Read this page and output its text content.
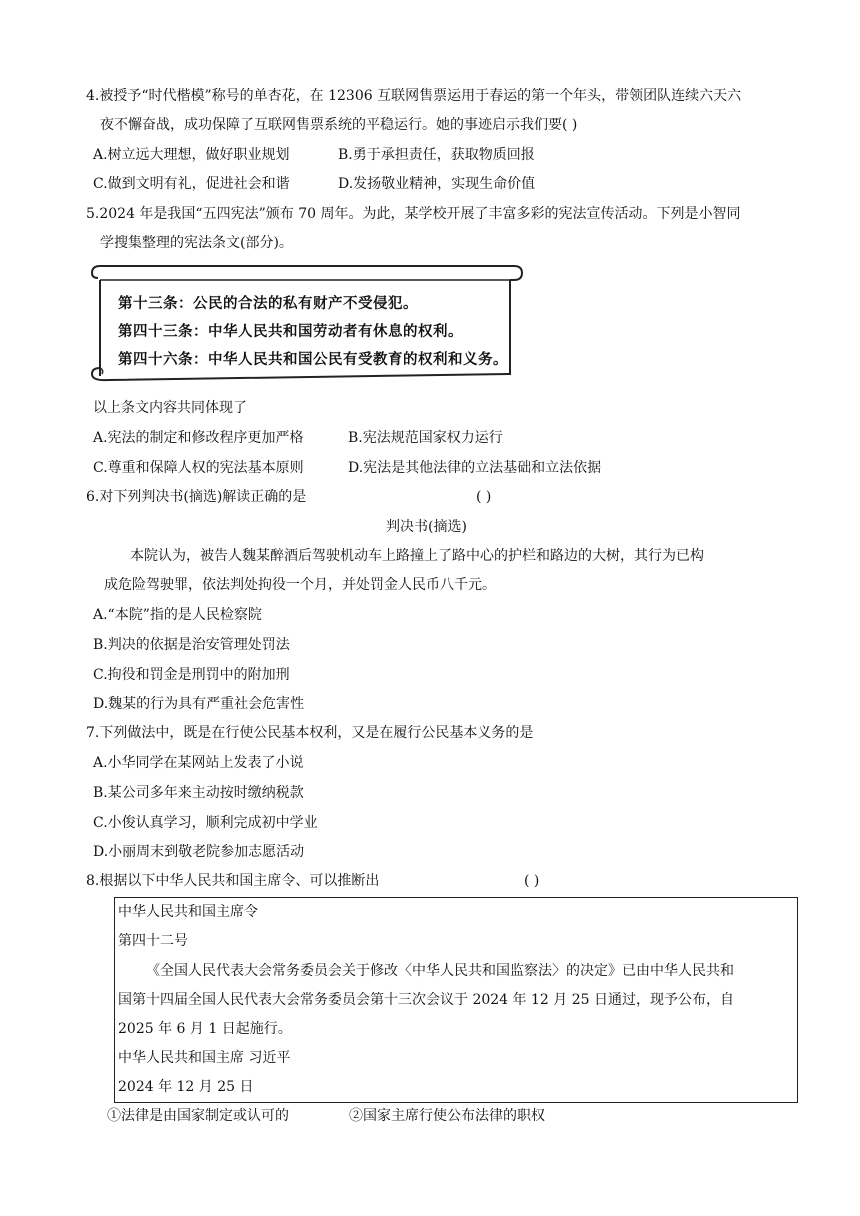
4.被授予“时代楷模”称号的单杏花，在 12306 互联网售票运用于春运的第一个年头，带领团队连续六天六
夜不懈奋战，成功保障了互联网售票系统的平稳运行。她的事迹启示我们要( )
A.树立远大理想，做好职业规划	B.勇于承担责任，获取物质回报
C.做到文明有礼，促进社会和谐	D.发扬敬业精神，实现生命价值
5.2024 年是我国“五四宪法”颁布 70 周年。为此，某学校开展了丰富多彩的宪法宣传活动。下列是小智同
学搜集整理的宪法条文(部分)。
第十三条：公民的合法的私有财产不受侵犯。
第四十三条：中华人民共和国劳动者有休息的权利。
第四十六条：中华人民共和国公民有受教育的权利和义务。
以上条文内容共同体现了
A.宪法的制定和修改程序更加严格	B.宪法规范国家权力运行
C.尊重和保障人权的宪法基本原则	D.宪法是其他法律的立法基础和立法依据
6.对下列判决书(摘选)解读正确的是	( )
判决书(摘选)
本院认为，被告人魏某醉酒后驾驶机动车上路撞上了路中心的护栏和路边的大树，其行为已构
成危险驾驶罪，依法判处拘役一个月，并处罚金人民币八千元。
A.“本院”指的是人民检察院
B.判决的依据是治安管理处罚法
C.拘役和罚金是刑罚中的附加刑
D.魏某的行为具有严重社会危害性
7.下列做法中，既是在行使公民基本权利，又是在履行公民基本义务的是
A.小华同学在某网站上发表了小说
B.某公司多年来主动按时缴纳税款
C.小俊认真学习，顺利完成初中学业
D.小丽周末到敬老院参加志愿活动
8.根据以下中华人民共和国主席令、可以推断出	( )
中华人民共和国主席令
第四十二号
《全国人民代表大会常务委员会关于修改〈中华人民共和国监察法〉的决定》已由中华人民共和
国第十四届全国人民代表大会常务委员会第十三次会议于 2024 年 12 月 25 日通过，现予公布，自
2025 年 6 月 1 日起施行。
中华人民共和国主席 习近平
2024 年 12 月 25 日
①法律是由国家制定或认可的	②国家主席行使公布法律的职权
